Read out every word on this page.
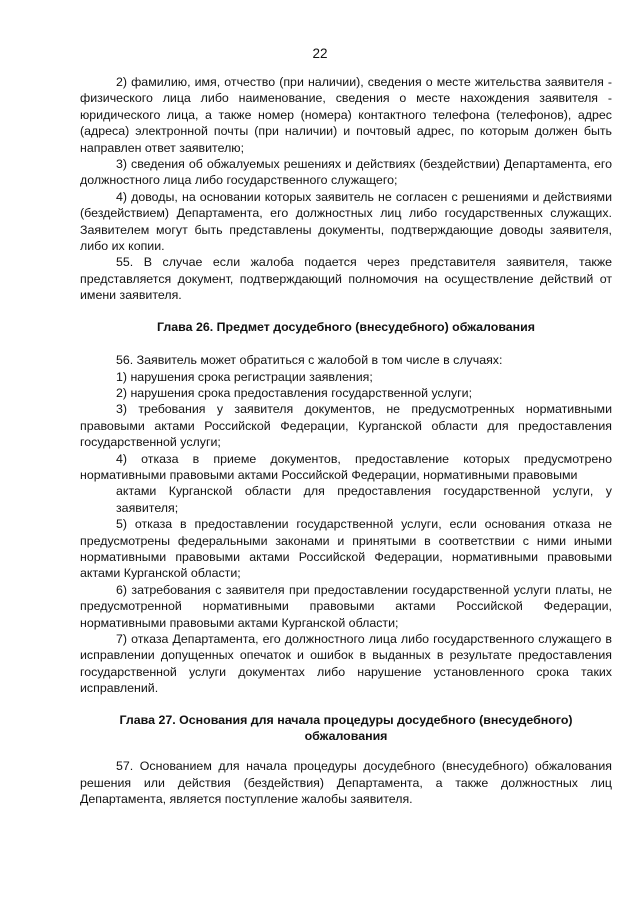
22

2) фамилию, имя, отчество (при наличии), сведения о месте жительства заявителя - физического лица либо наименование, сведения о месте нахождения заявителя - юридического лица, а также номер (номера) контактного телефона (телефонов), адрес (адреса) электронной почты (при наличии) и почтовый адрес, по которым должен быть направлен ответ заявителю;

3) сведения об обжалуемых решениях и действиях (бездействии) Департамента, его должностного лица либо государственного служащего;

4) доводы, на основании которых заявитель не согласен с решениями и действиями (бездействием) Департамента, его должностных лиц либо государственных служащих. Заявителем могут быть представлены документы, подтверждающие доводы заявителя, либо их копии.

55. В случае если жалоба подается через представителя заявителя, также представляется документ, подтверждающий полномочия на осуществление действий от имени заявителя.

Глава 26. Предмет досудебного (внесудебного) обжалования

56. Заявитель может обратиться с жалобой в том числе в случаях:

1) нарушения срока регистрации заявления;

2) нарушения срока предоставления государственной услуги;

3) требования у заявителя документов, не предусмотренных нормативными правовыми актами Российской Федерации, Курганской области для предоставления государственной услуги;

4) отказа в приеме документов, предоставление которых предусмотрено нормативными правовыми актами Российской Федерации, нормативными правовыми

актами Курганской области для предоставления государственной услуги, у заявителя;

5) отказа в предоставлении государственной услуги, если основания отказа не предусмотрены федеральными законами и принятыми в соответствии с ними иными нормативными правовыми актами Российской Федерации, нормативными правовыми актами Курганской области;

6) затребования с заявителя при предоставлении государственной услуги платы, не предусмотренной нормативными правовыми актами Российской Федерации, нормативными правовыми актами Курганской области;

7) отказа Департамента, его должностного лица либо государственного служащего в исправлении допущенных опечаток и ошибок в выданных в результате предоставления государственной услуги документах либо нарушение установленного срока таких исправлений.

Глава 27. Основания для начала процедуры досудебного (внесудебного) обжалования

57. Основанием для начала процедуры досудебного (внесудебного) обжалования решения или действия (бездействия) Департамента, а также должностных лиц Департамента, является поступление жалобы заявителя.
